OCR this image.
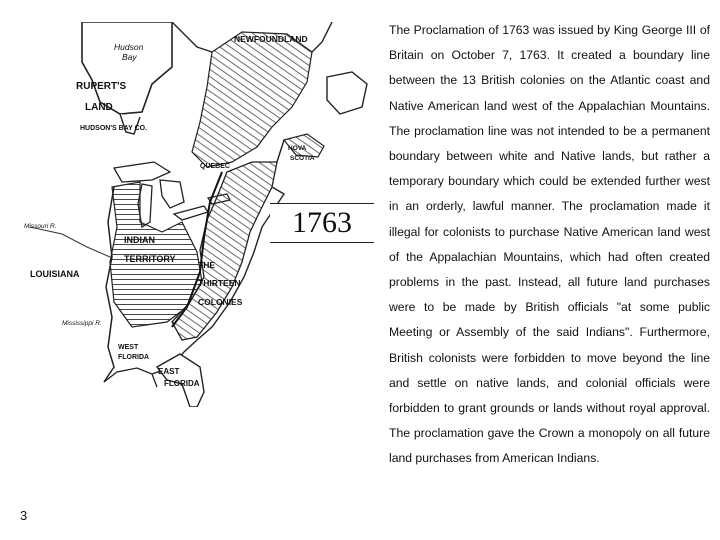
Hudson
Bay
NEWFOUNDLAND
RUPERT'S
LAND
HUDSON'S BAY CO.
QUEBEC
NOVA
SCOTIA
Missouri R.
INDIAN
TERRITORY
LOUISIANA
THE
THIRTEEN
COLONIES
Mississippi R.
WEST
FLORIDA
EAST
FLORIDA
1763

The Proclamation of 1763 was issued by King George III of Britain on October 7, 1763. It created a boundary line between the 13 British colonies on the Atlantic coast and Native American land west of the Appalachian Mountains. The proclamation line was not intended to be a permanent boundary between white and Native lands, but rather a temporary boundary which could be extended further west in an orderly, lawful manner. The proclamation made it illegal for colonists to purchase Native American land west of the Appalachian Mountains, which had often created problems in the past. Instead, all future land purchases were to be made by British officials "at some public Meeting or Assembly of the said Indians". Furthermore, British colonists were forbidden to move beyond the line and settle on native lands, and colonial officials were forbidden to grant grounds or lands without royal approval. The proclamation gave the Crown a monopoly on all future land purchases from American Indians.

3
